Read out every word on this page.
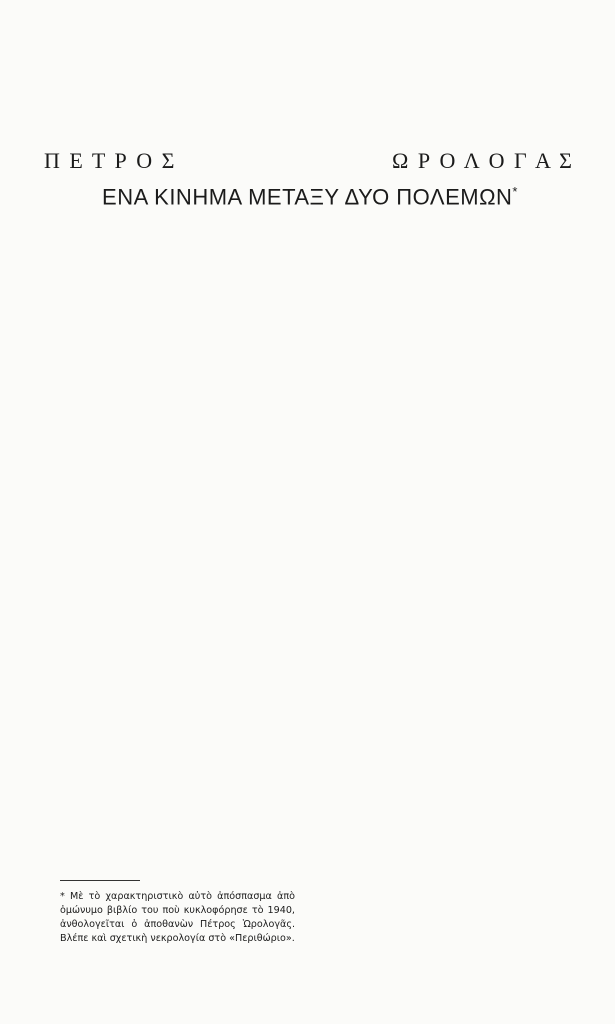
Π Ε Τ Ρ Ο Σ	Ω Ρ Ο Λ Ο Γ Α Σ
ΕΝΑ ΚΙΝΗΜΑ ΜΕΤΑΞΥ ΔΥΟ ΠΟΛΕΜΩΝ*
* Μὲ τὸ χαρακτηριστικὸ αὐτὸ ἀπόσπασμα ἀπὸ ὁμώνυμο βιβλίο του ποὺ κυκλοφόρησε τὸ 1940, ἀνθολογεῖται ὁ ἀποθανὼν Πέτρος Ὡρολογᾶς. Βλέπε καὶ σχετικὴ νεκρολογία στὸ «Περιθώριο».
